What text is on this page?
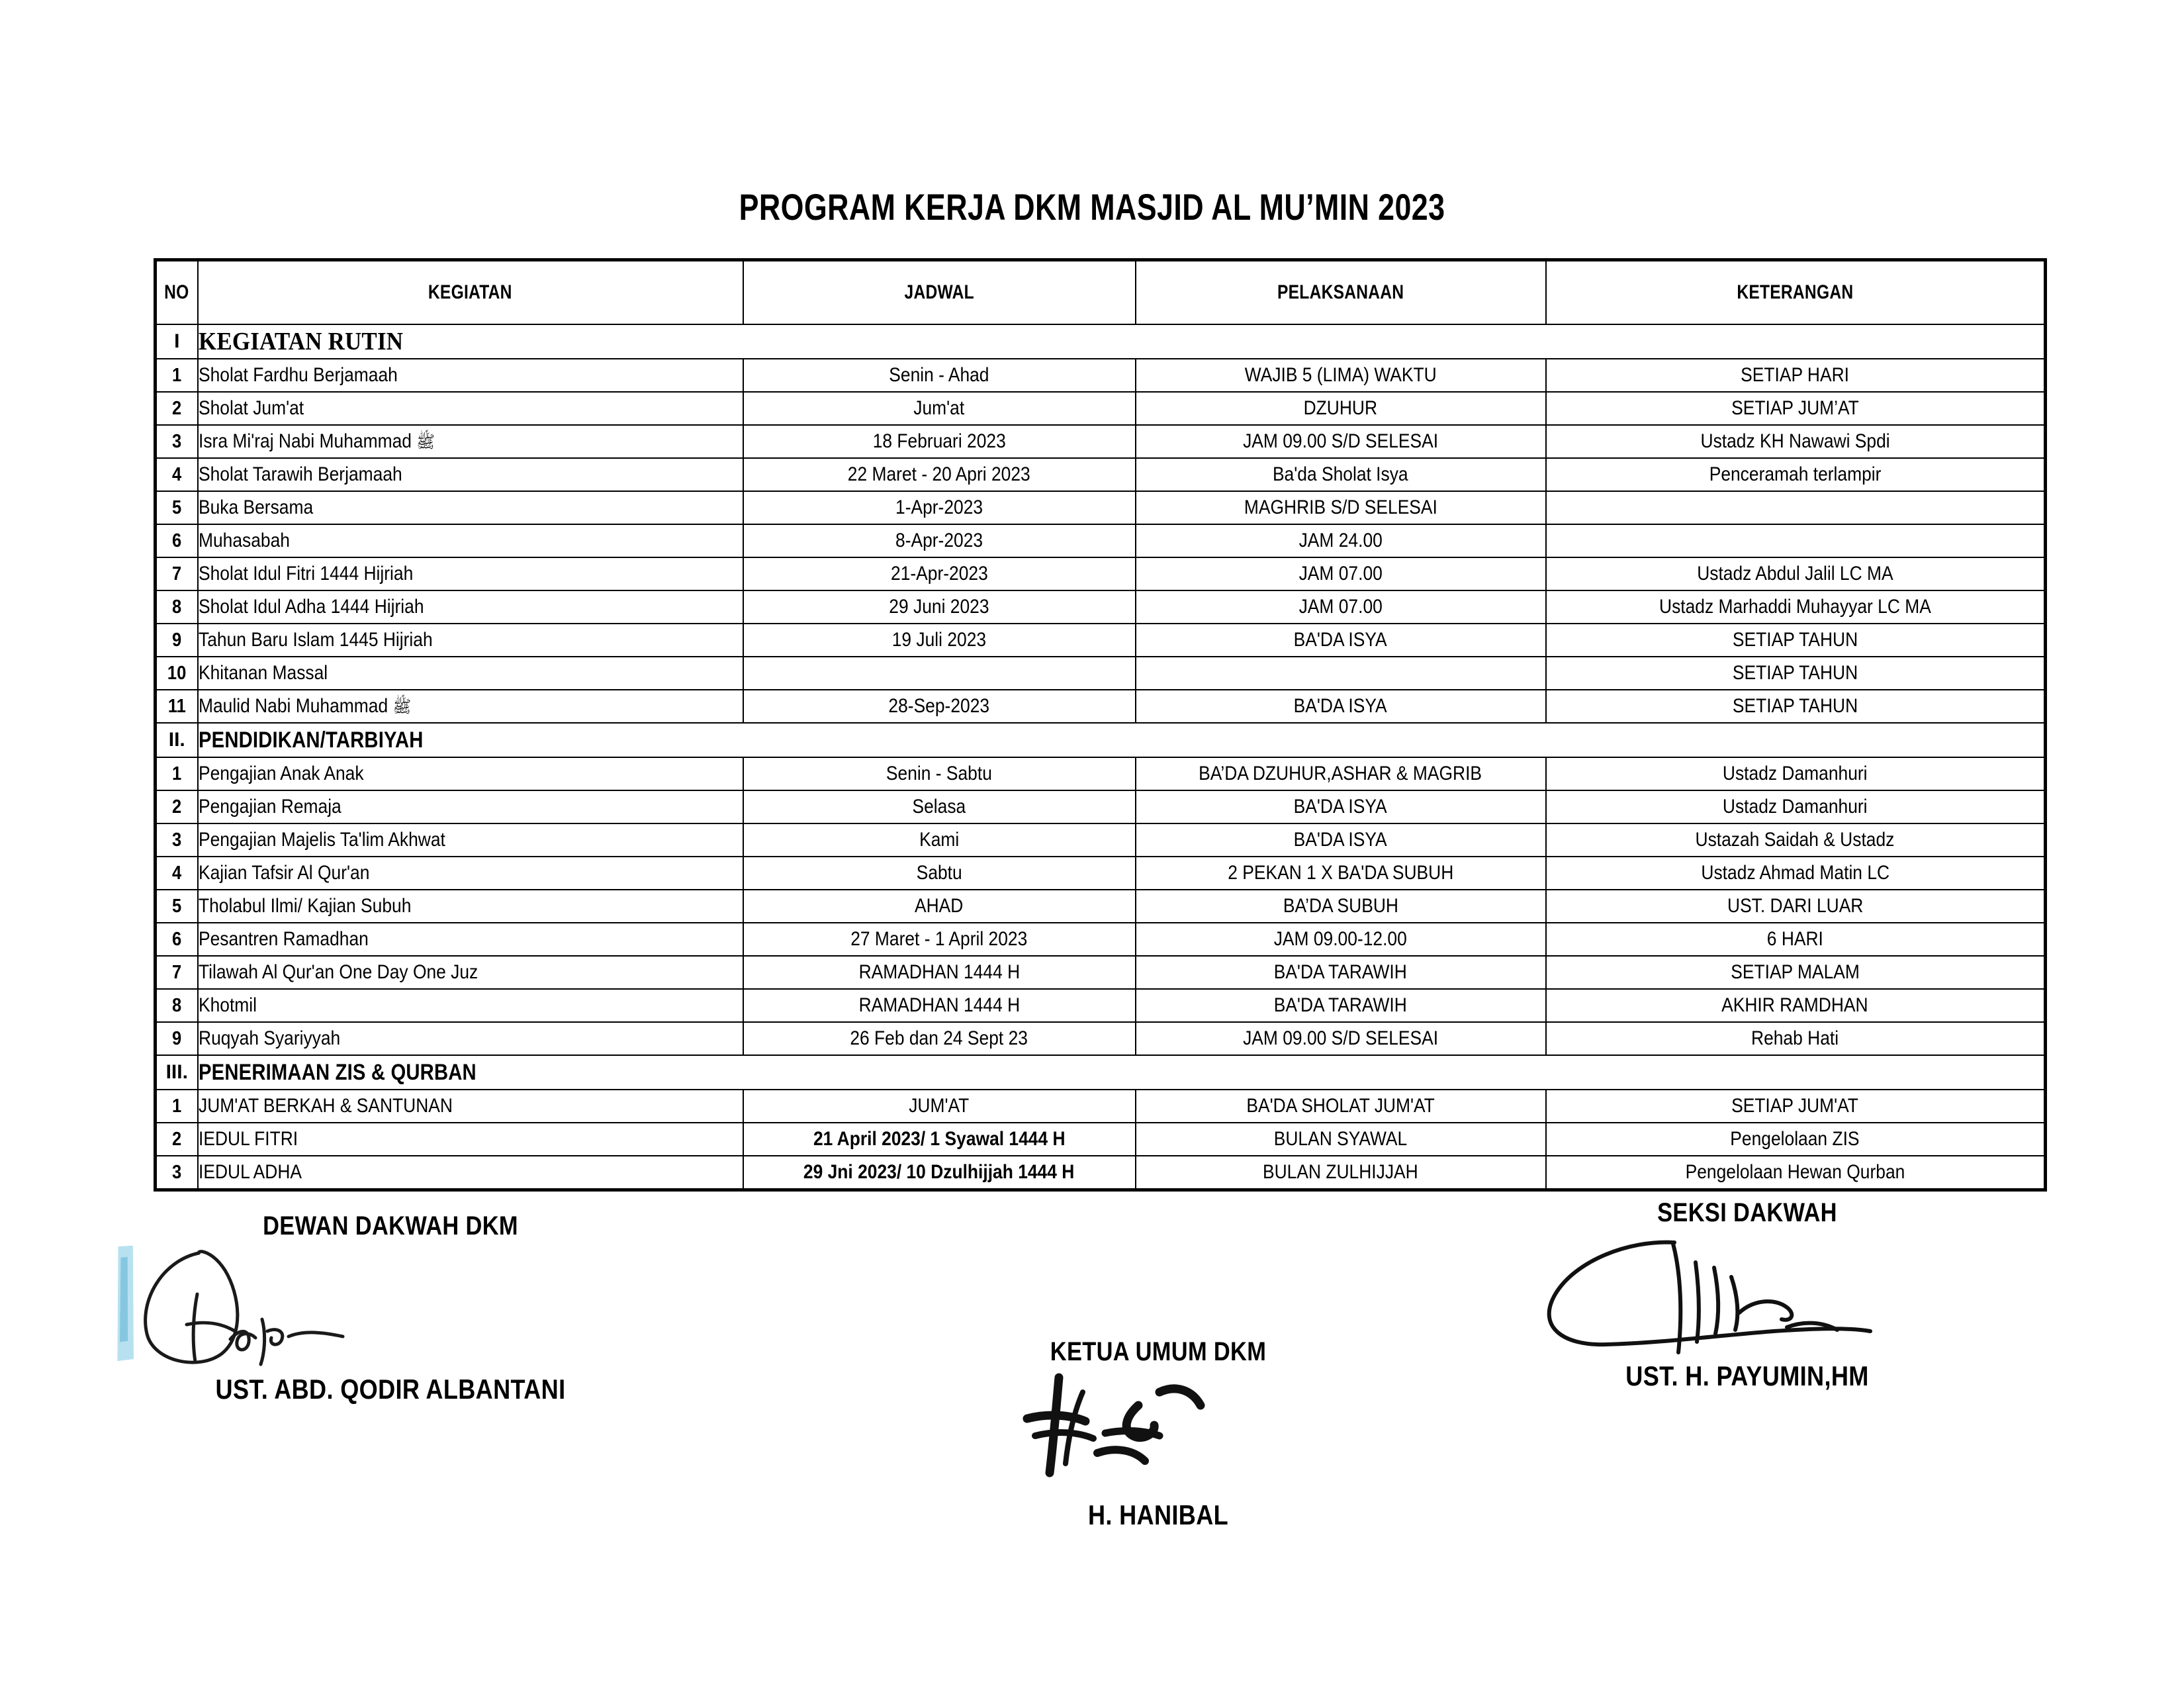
PROGRAM KERJA DKM MASJID AL MU’MIN 2023
NO	KEGIATAN	JADWAL	PELAKSANAAN	KETERANGAN
I	KEGIATAN RUTIN			
1	Sholat Fardhu Berjamaah	Senin - Ahad	WAJIB 5 (LIMA) WAKTU	SETIAP HARI
2	Sholat Jum'at	Jum'at	DZUHUR	SETIAP JUM’AT
3	Isra Mi'raj Nabi Muhammad ﷺ	18 Februari 2023	JAM 09.00 S/D SELESAI	Ustadz KH Nawawi Spdi
4	Sholat Tarawih Berjamaah	22 Maret - 20 Apri 2023	Ba'da Sholat Isya	Penceramah terlampir
5	Buka Bersama	1-Apr-2023	MAGHRIB S/D SELESAI	
6	Muhasabah	8-Apr-2023	JAM 24.00	
7	Sholat Idul Fitri 1444 Hijriah	21-Apr-2023	JAM 07.00	Ustadz Abdul Jalil LC MA
8	Sholat Idul Adha 1444 Hijriah	29 Juni 2023	JAM 07.00	Ustadz Marhaddi Muhayyar LC MA
9	Tahun Baru Islam 1445 Hijriah	19 Juli 2023	BA'DA ISYA	SETIAP TAHUN
10	Khitanan Massal			SETIAP TAHUN
11	Maulid Nabi Muhammad ﷺ	28-Sep-2023	BA'DA ISYA	SETIAP TAHUN
II.	PENDIDIKAN/TARBIYAH			
1	Pengajian Anak Anak	Senin - Sabtu	BA’DA DZUHUR,ASHAR & MAGRIB	Ustadz Damanhuri
2	Pengajian Remaja	Selasa	BA'DA ISYA	Ustadz Damanhuri
3	Pengajian Majelis Ta'lim Akhwat	Kami	BA'DA ISYA	Ustazah Saidah & Ustadz
4	Kajian Tafsir Al Qur'an	Sabtu	2 PEKAN 1 X BA'DA SUBUH	Ustadz Ahmad Matin LC
5	Tholabul Ilmi/ Kajian Subuh	AHAD	BA’DA SUBUH	UST. DARI LUAR
6	Pesantren Ramadhan	27 Maret - 1 April 2023	JAM 09.00-12.00	6 HARI
7	Tilawah Al Qur'an One Day One Juz	RAMADHAN 1444 H	BA'DA TARAWIH	SETIAP MALAM
8	Khotmil	RAMADHAN 1444 H	BA'DA TARAWIH	AKHIR RAMDHAN
9	Ruqyah Syariyyah	26 Feb dan 24 Sept 23	JAM 09.00 S/D SELESAI	Rehab Hati
III.	PENERIMAAN ZIS & QURBAN			
1	JUM'AT BERKAH & SANTUNAN	JUM'AT	BA'DA SHOLAT JUM'AT	SETIAP JUM'AT
2	IEDUL FITRI	21 April 2023/ 1 Syawal 1444 H	BULAN SYAWAL	Pengelolaan ZIS
3	IEDUL ADHA	29 Jni 2023/ 10 Dzulhijjah 1444 H	BULAN ZULHIJJAH	Pengelolaan Hewan Qurban
DEWAN DAKWAH DKM
UST. ABD. QODIR ALBANTANI
KETUA UMUM DKM
H. HANIBAL
SEKSI DAKWAH
UST. H. PAYUMIN,HM
